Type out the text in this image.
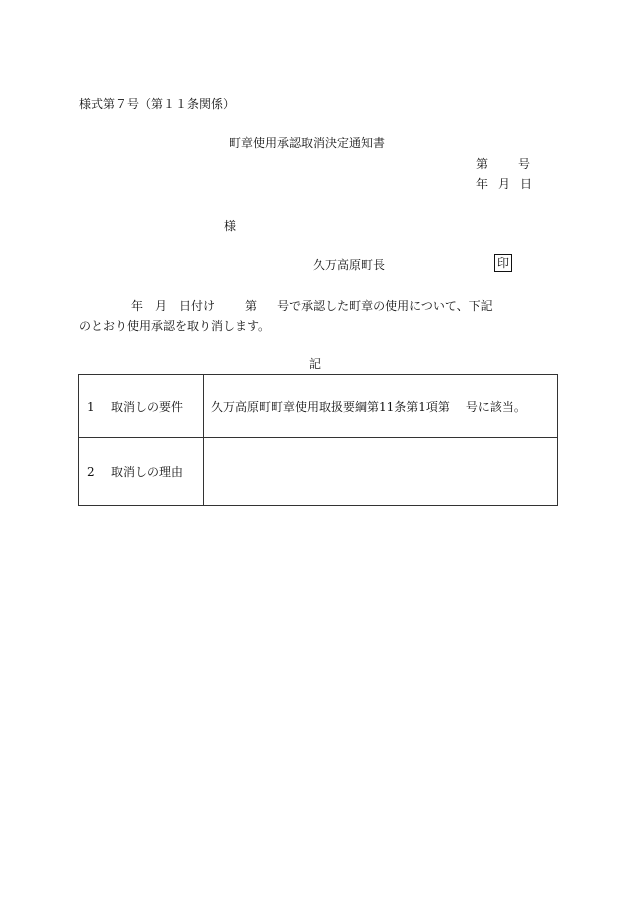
様式第７号（第１１条関係）
町章使用承認取消決定通知書
第	号
年 月 日
様
久万高原町長	印
年 月 日付け	第 号で承認した町章の使用について、下記
のとおり使用承認を取り消します。
記
1 取消しの要件	久万高原町町章使用取扱要綱第11条第1項第 号に該当。
2 取消しの理由	
